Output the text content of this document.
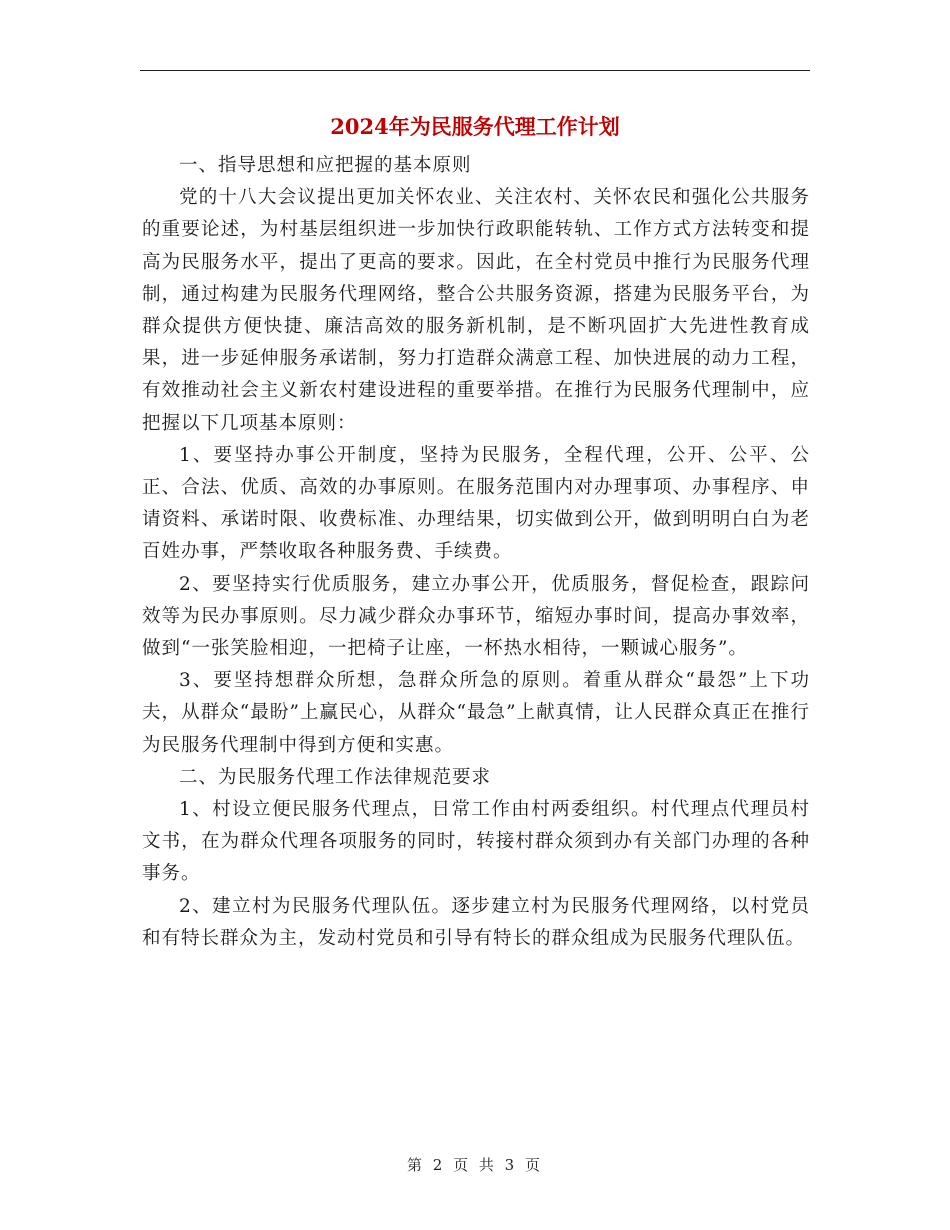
2024年为民服务代理工作计划

一、指导思想和应把握的基本原则

党的十八大会议提出更加关怀农业、关注农村、关怀农民和强化公共服务的重要论述，为村基层组织进一步加快行政职能转轨、工作方式方法转变和提高为民服务水平，提出了更高的要求。因此，在全村党员中推行为民服务代理制，通过构建为民服务代理网络，整合公共服务资源，搭建为民服务平台，为群众提供方便快捷、廉洁高效的服务新机制，是不断巩固扩大先进性教育成果，进一步延伸服务承诺制，努力打造群众满意工程、加快进展的动力工程，有效推动社会主义新农村建设进程的重要举措。在推行为民服务代理制中，应把握以下几项基本原则：

1、要坚持办事公开制度，坚持为民服务，全程代理，公开、公平、公正、合法、优质、高效的办事原则。在服务范围内对办理事项、办事程序、申请资料、承诺时限、收费标准、办理结果，切实做到公开，做到明明白白为老百姓办事，严禁收取各种服务费、手续费。

2、要坚持实行优质服务，建立办事公开，优质服务，督促检查，跟踪问效等为民办事原则。尽力减少群众办事环节，缩短办事时间，提高办事效率，做到“一张笑脸相迎，一把椅子让座，一杯热水相待，一颗诚心服务”。

3、要坚持想群众所想，急群众所急的原则。着重从群众“最怨”上下功夫，从群众“最盼”上赢民心，从群众“最急”上献真情，让人民群众真正在推行为民服务代理制中得到方便和实惠。

二、为民服务代理工作法律规范要求

1、村设立便民服务代理点，日常工作由村两委组织。村代理点代理员村文书，在为群众代理各项服务的同时，转接村群众须到办有关部门办理的各种事务。

2、建立村为民服务代理队伍。逐步建立村为民服务代理网络，以村党员和有特长群众为主，发动村党员和引导有特长的群众组成为民服务代理队伍。

第 2 页 共 3 页
